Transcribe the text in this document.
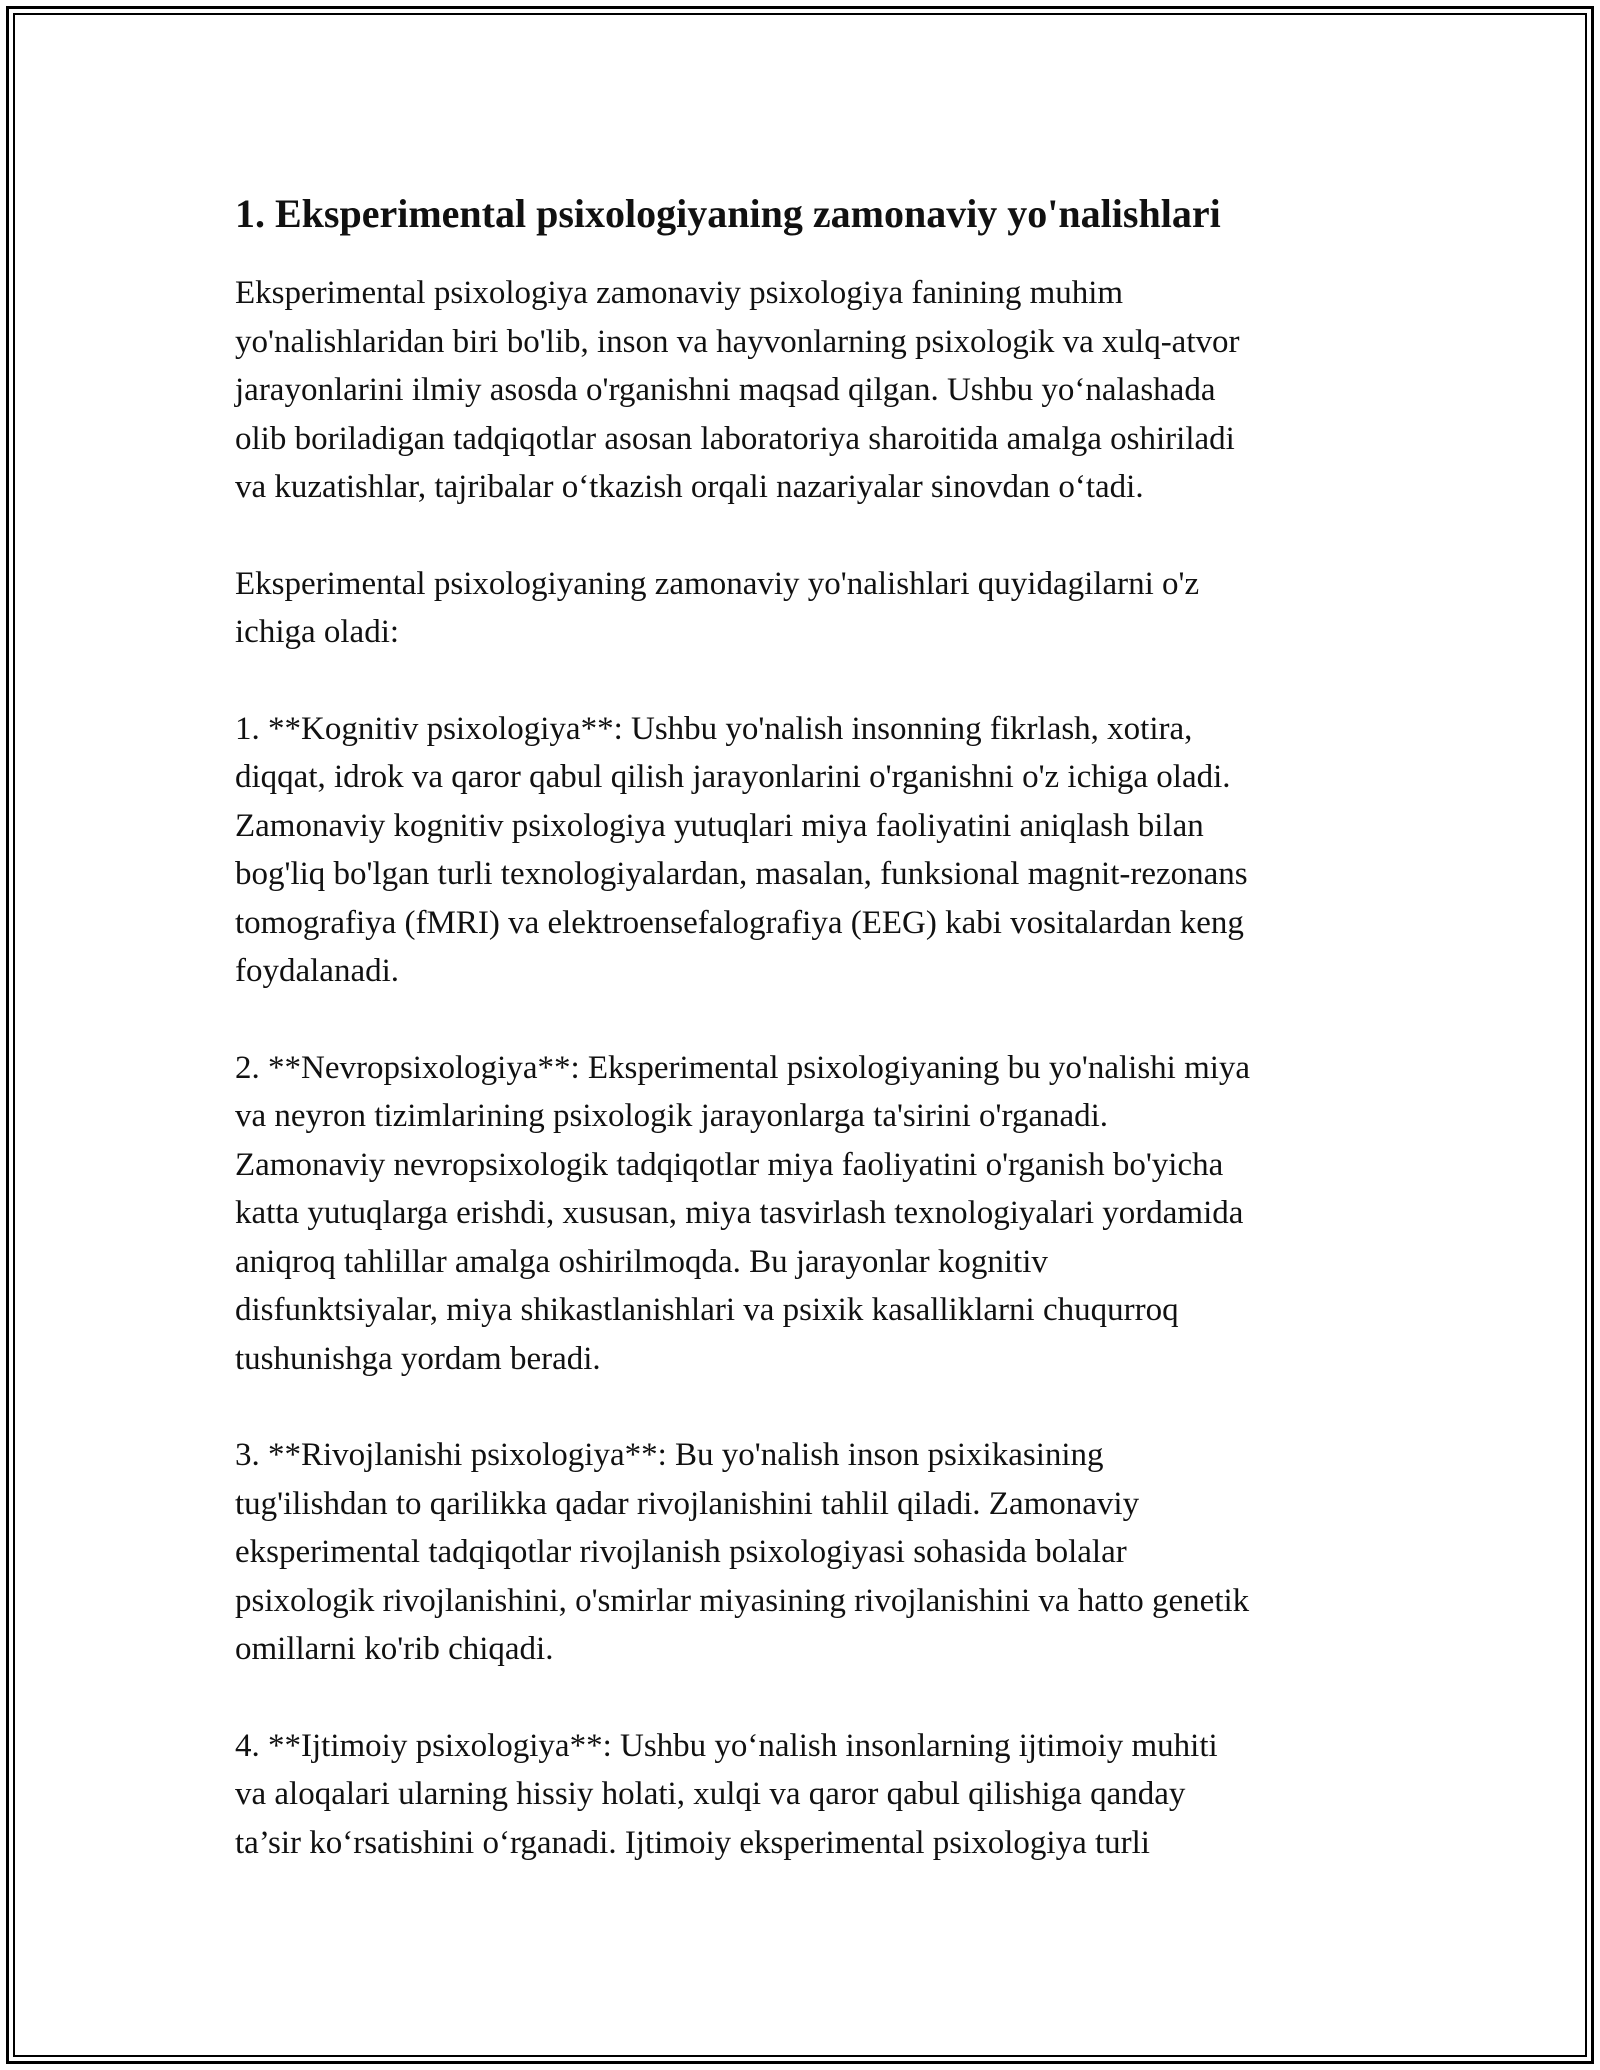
1. Eksperimental psixologiyaning zamonaviy yo'nalishlari

Eksperimental psixologiya zamonaviy psixologiya fanining muhim
yo'nalishlaridan biri bo'lib, inson va hayvonlarning psixologik va xulq-atvor
jarayonlarini ilmiy asosda o'rganishni maqsad qilgan. Ushbu yo‘nalashada
olib boriladigan tadqiqotlar asosan laboratoriya sharoitida amalga oshiriladi
va kuzatishlar, tajribalar o‘tkazish orqali nazariyalar sinovdan o‘tadi.

Eksperimental psixologiyaning zamonaviy yo'nalishlari quyidagilarni o'z
ichiga oladi:

1. **Kognitiv psixologiya**: Ushbu yo'nalish insonning fikrlash, xotira,
diqqat, idrok va qaror qabul qilish jarayonlarini o'rganishni o'z ichiga oladi.
Zamonaviy kognitiv psixologiya yutuqlari miya faoliyatini aniqlash bilan
bog'liq bo'lgan turli texnologiyalardan, masalan, funksional magnit-rezonans
tomografiya (fMRI) va elektroensefalografiya (EEG) kabi vositalardan keng
foydalanadi.

2. **Nevropsixologiya**: Eksperimental psixologiyaning bu yo'nalishi miya
va neyron tizimlarining psixologik jarayonlarga ta'sirini o'rganadi.
Zamonaviy nevropsixologik tadqiqotlar miya faoliyatini o'rganish bo'yicha
katta yutuqlarga erishdi, xususan, miya tasvirlash texnologiyalari yordamida
aniqroq tahlillar amalga oshirilmoqda. Bu jarayonlar kognitiv
disfunktsiyalar, miya shikastlanishlari va psixik kasalliklarni chuqurroq
tushunishga yordam beradi.

3. **Rivojlanishi psixologiya**: Bu yo'nalish inson psixikasining
tug'ilishdan to qarilikka qadar rivojlanishini tahlil qiladi. Zamonaviy
eksperimental tadqiqotlar rivojlanish psixologiyasi sohasida bolalar
psixologik rivojlanishini, o'smirlar miyasining rivojlanishini va hatto genetik
omillarni ko'rib chiqadi.

4. **Ijtimoiy psixologiya**: Ushbu yo‘nalish insonlarning ijtimoiy muhiti
va aloqalari ularning hissiy holati, xulqi va qaror qabul qilishiga qanday
ta’sir ko‘rsatishini o‘rganadi. Ijtimoiy eksperimental psixologiya turli
